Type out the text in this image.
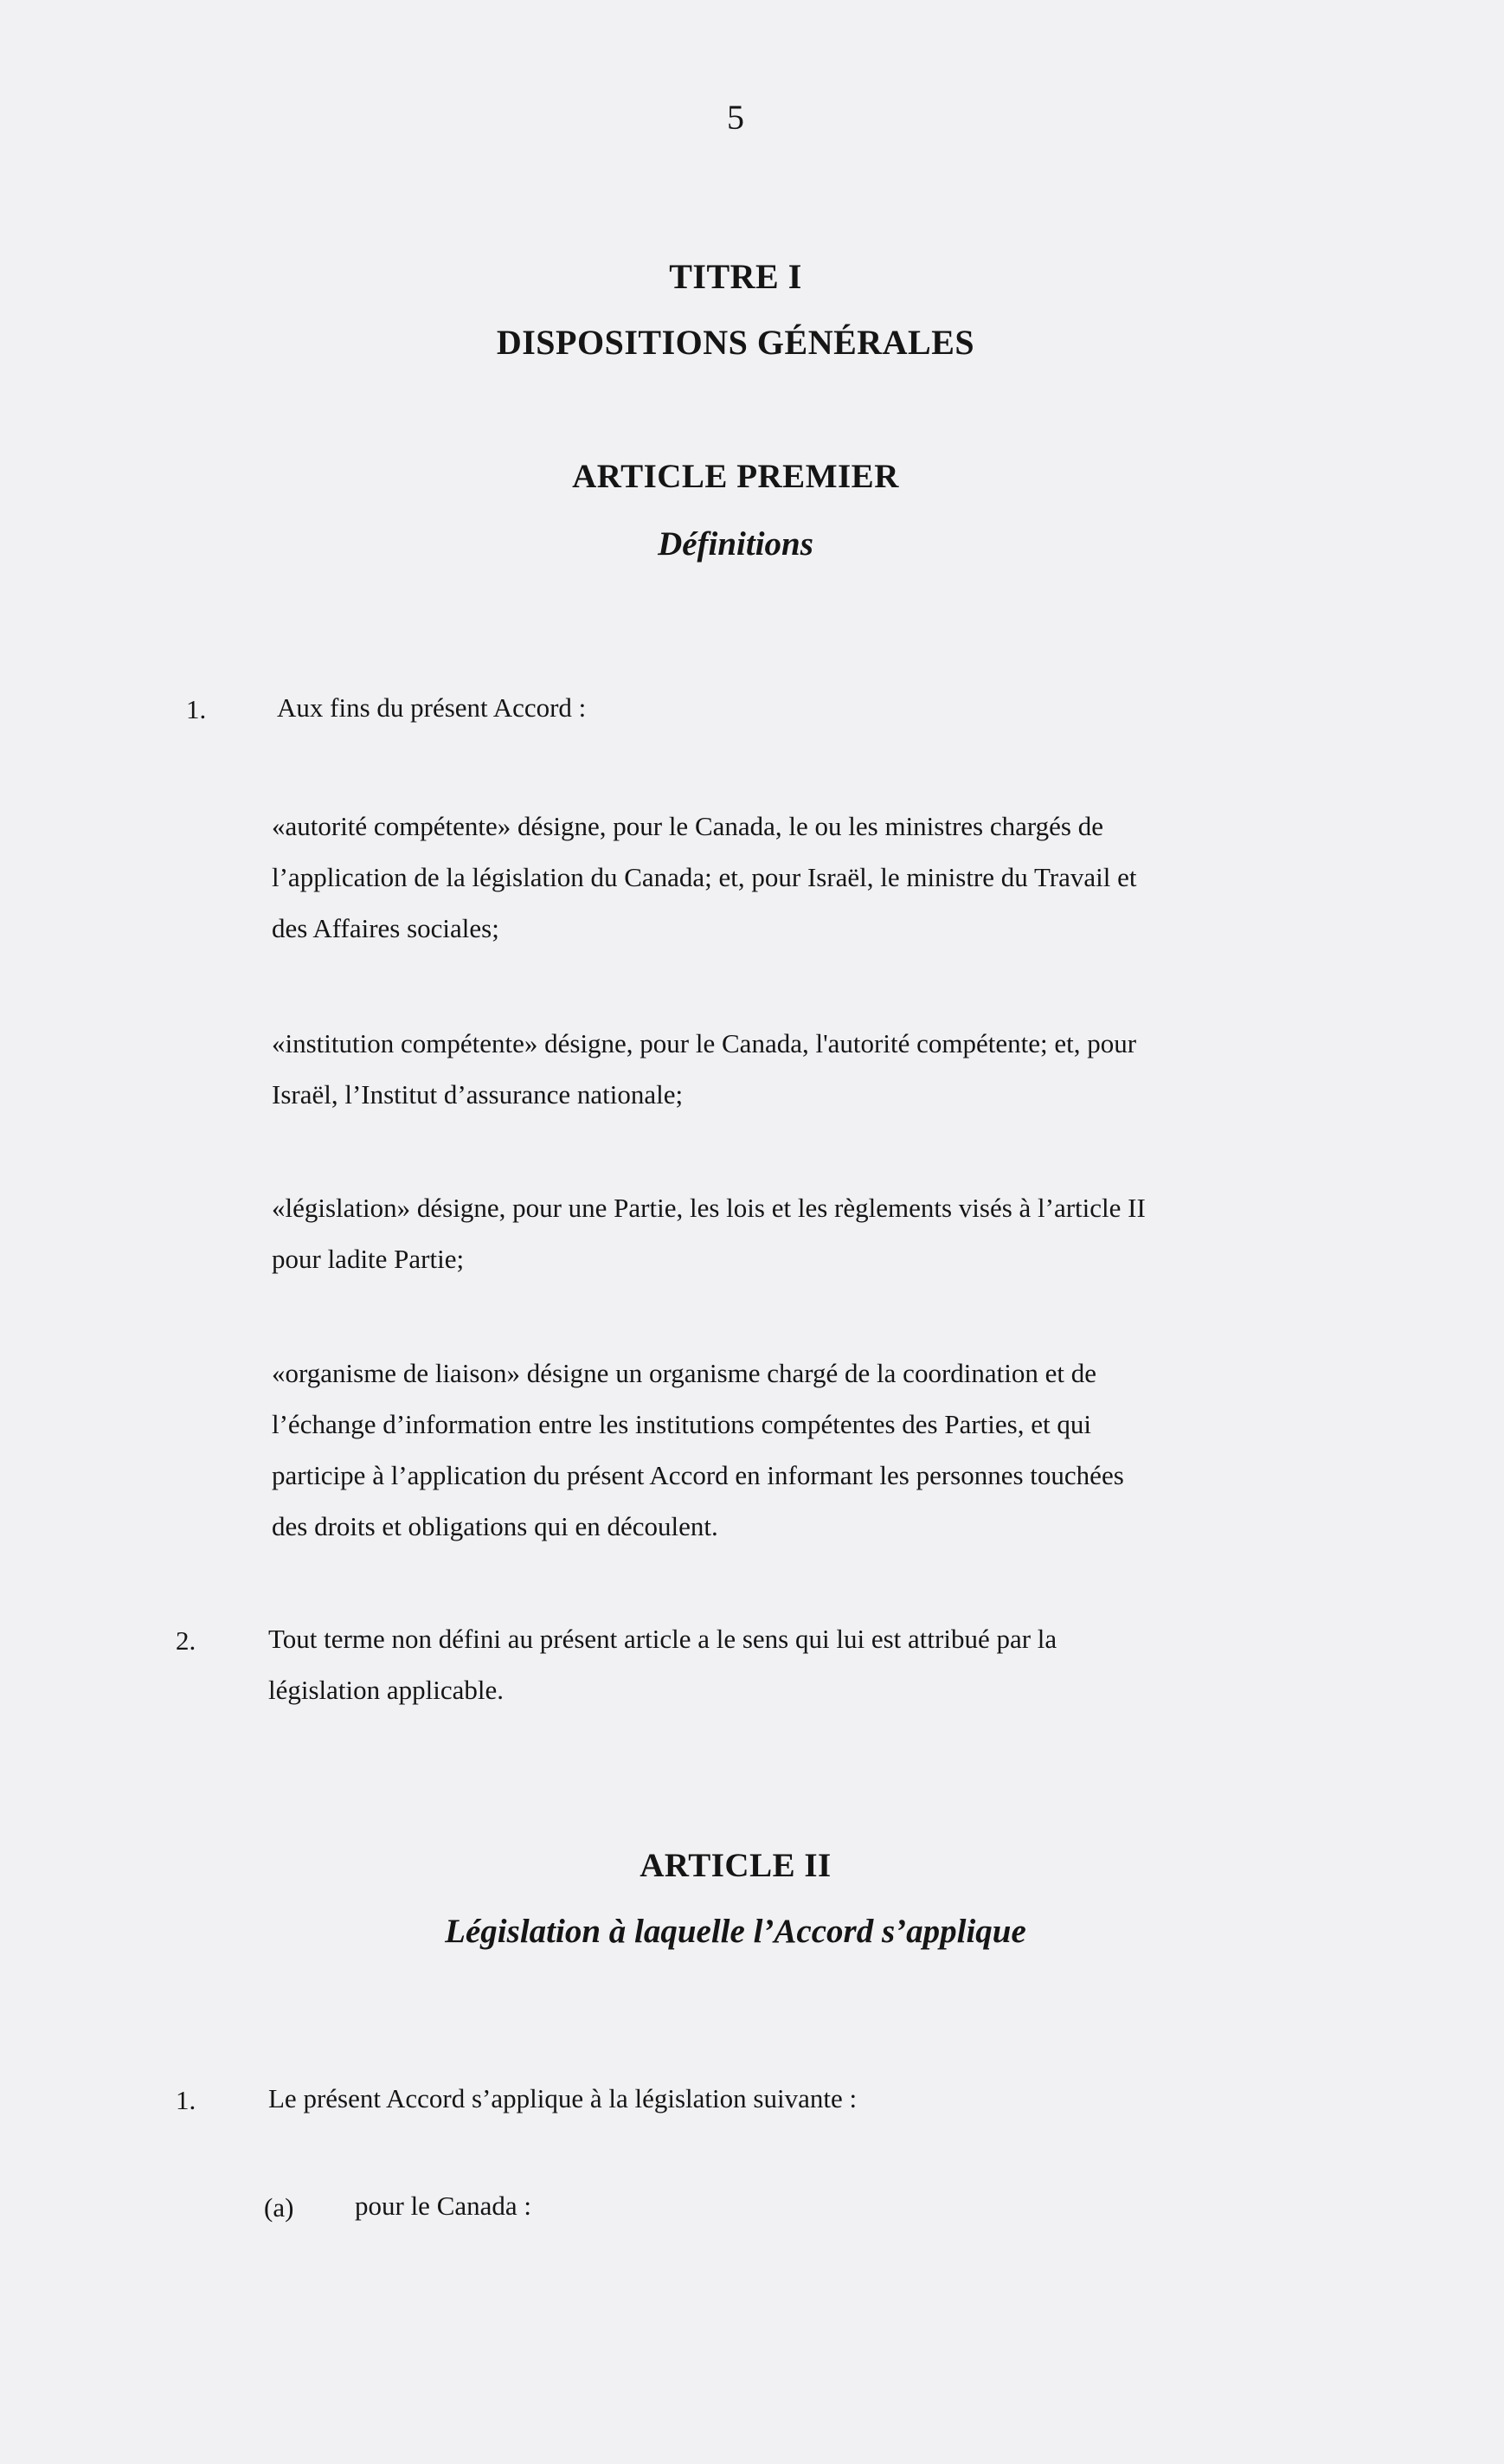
5
TITRE I
DISPOSITIONS GÉNÉRALES
ARTICLE PREMIER
Définitions
1.	Aux fins du présent Accord :
«autorité compétente» désigne, pour le Canada, le ou les ministres chargés de
l’application de la législation du Canada; et, pour Israël, le ministre du Travail et
des Affaires sociales;
«institution compétente» désigne, pour le Canada, l'autorité compétente; et, pour
Israël, l’Institut d’assurance nationale;
«législation» désigne, pour une Partie, les lois et les règlements visés à l’article II
pour ladite Partie;
«organisme de liaison» désigne un organisme chargé de la coordination et de
l’échange d’information entre les institutions compétentes des Parties, et qui
participe à l’application du présent Accord en informant les personnes touchées
des droits et obligations qui en découlent.
2.	Tout terme non défini au présent article a le sens qui lui est attribué par la
législation applicable.
ARTICLE II
Législation à laquelle l’Accord s’applique
1.	Le présent Accord s’applique à la législation suivante :
(a) pour le Canada :
